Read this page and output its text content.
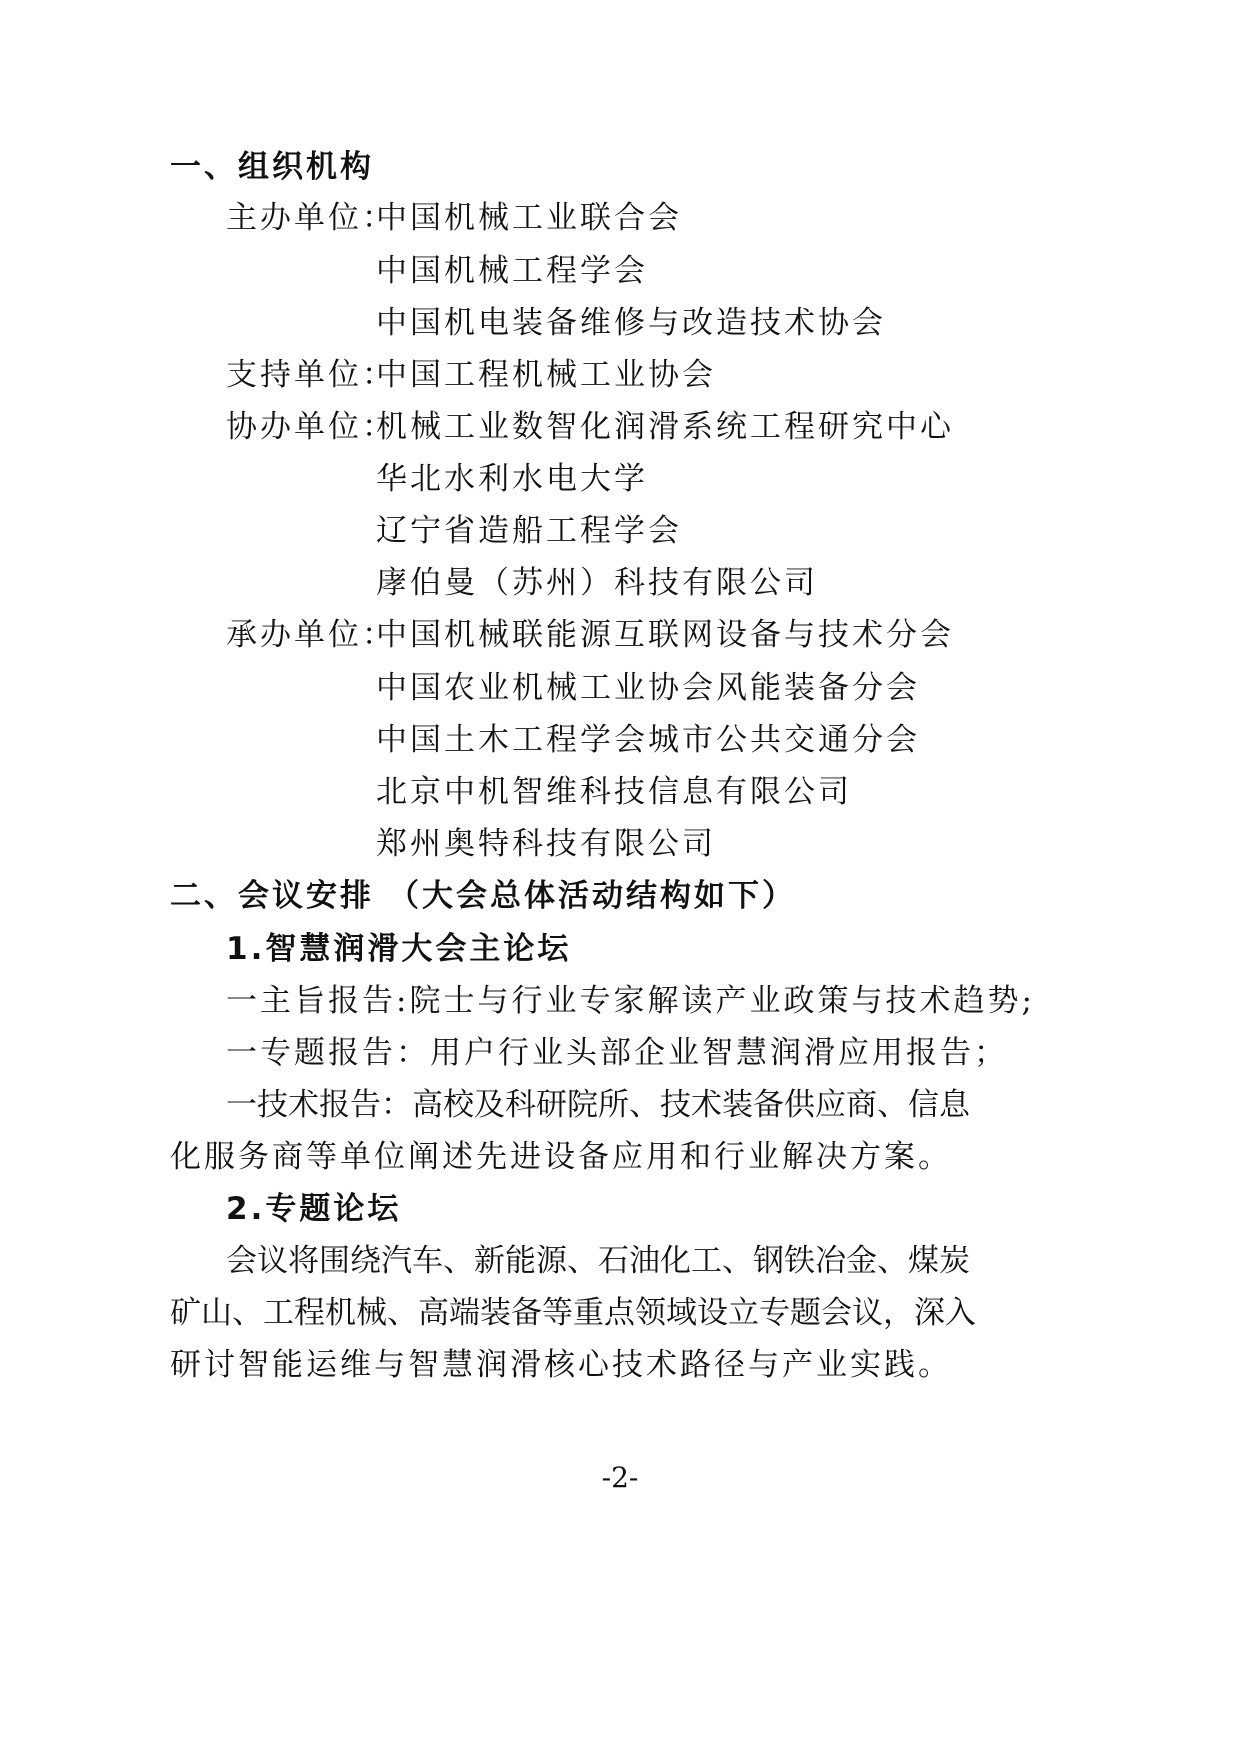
一、组织机构
主办单位：
中国机械工业联合会
中国机械工程学会
中国机电装备维修与改造技术协会
支持单位：
中国工程机械工业协会
协办单位：
机械工业数智化润滑系统工程研究中心
华北水利水电大学
辽宁省造船工程学会
庨伯曼（苏州）科技有限公司
承办单位：
中国机械联能源互联网设备与技术分会
中国农业机械工业协会风能装备分会
中国土木工程学会城市公共交通分会
北京中机智维科技信息有限公司
郑州奥特科技有限公司
二、会议安排 （大会总体活动结构如下）
1.智慧润滑大会主论坛
一主旨报告:院士与行业专家解读产业政策与技术趋势;
一专题报告：用户行业头部企业智慧润滑应用报告；
一 技 术 报 告 ： 高 校 及 科 研 院 所 、 技 术 装 备 供 应 商 、 信 息
化服务商等单位阐述先进设备应用和行业解决方案。
2.专题论坛
会 议 将 围 绕 汽 车 、 新 能 源 、 石 油 化 工 、 钢 铁 冶 金 、 煤 炭
矿 山 、 工 程 机 械 、 高 端 装 备 等 重 点 领 域 设 立 专 题 会 议 ， 深 入
研讨智能运维与智慧润滑核心技术路径与产业实践。
-2-
